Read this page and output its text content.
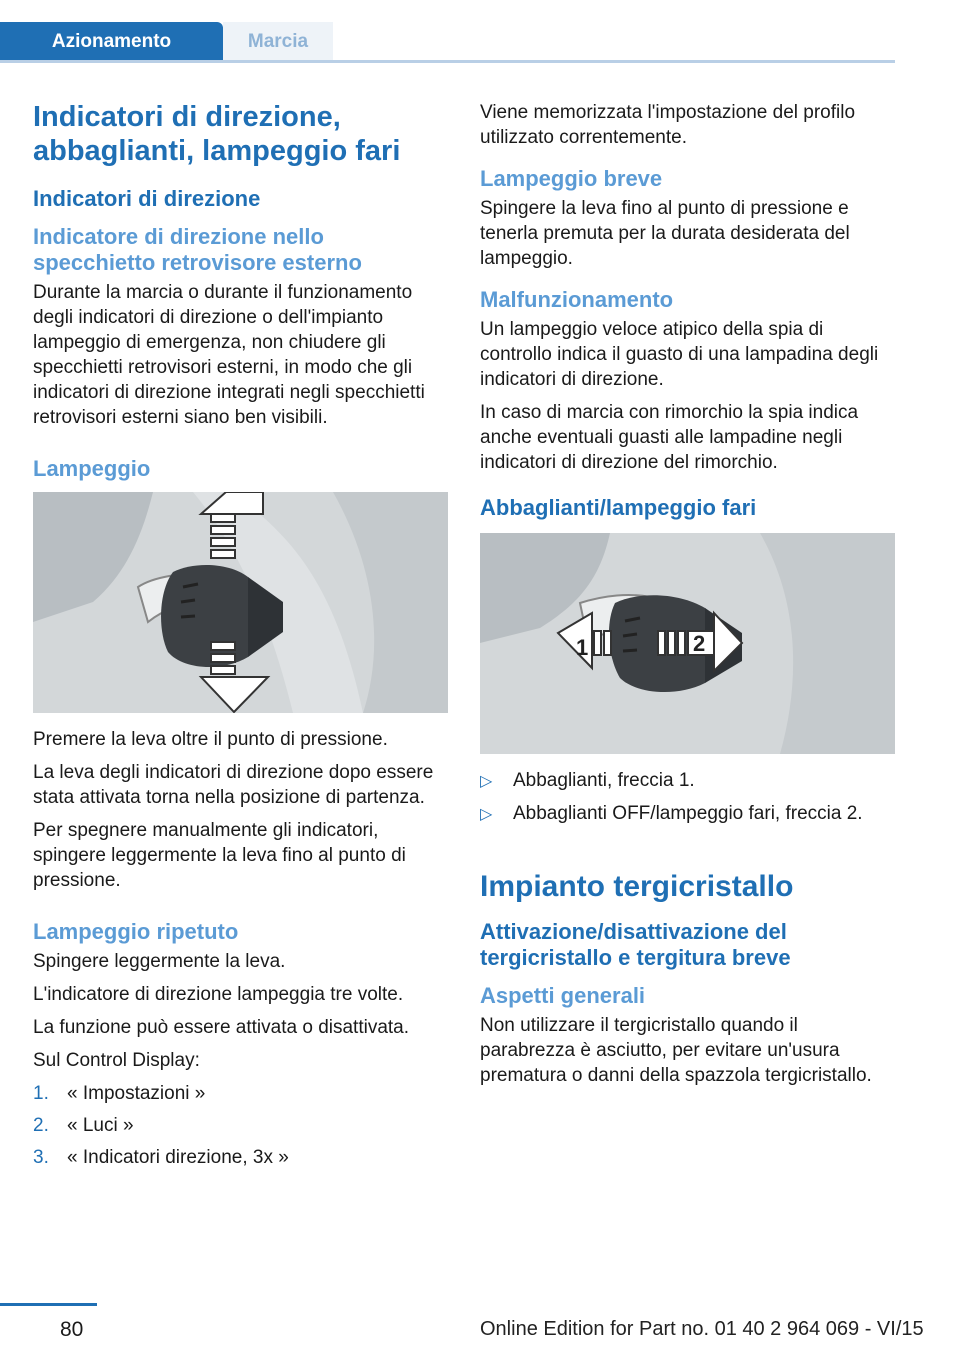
Azionamento	Marcia
Indicatori di direzione, abbaglianti, lampeggio fari
Indicatori di direzione
Indicatore di direzione nello specchietto retrovisore esterno
Durante la marcia o durante il funzionamento degli indicatori di direzione o dell'impianto lampeggio di emergenza, non chiudere gli specchietti retrovisori esterni, in modo che gli indicatori di direzione integrati negli specchietti retrovisori esterni siano ben visibili.
Lampeggio
Premere la leva oltre il punto di pressione.
La leva degli indicatori di direzione dopo essere stata attivata torna nella posizione di partenza.
Per spegnere manualmente gli indicatori, spingere leggermente la leva fino al punto di pressione.
Lampeggio ripetuto
Spingere leggermente la leva.
L'indicatore di direzione lampeggia tre volte.
La funzione può essere attivata o disattivata.
Sul Control Display:
1. « Impostazioni »
2. « Luci »
3. « Indicatori direzione, 3x »
Viene memorizzata l'impostazione del profilo utilizzato correntemente.
Lampeggio breve
Spingere la leva fino al punto di pressione e tenerla premuta per la durata desiderata del lampeggio.
Malfunzionamento
Un lampeggio veloce atipico della spia di controllo indica il guasto di una lampadina degli indicatori di direzione.
In caso di marcia con rimorchio la spia indica anche eventuali guasti alle lampadine negli indicatori di direzione del rimorchio.
Abbaglianti/lampeggio fari
1	2
▷	Abbaglianti, freccia 1.
▷	Abbaglianti OFF/lampeggio fari, freccia 2.
Impianto tergicristallo
Attivazione/disattivazione del tergicristallo e tergitura breve
Aspetti generali
Non utilizzare il tergicristallo quando il parabrezza è asciutto, per evitare un'usura prematura o danni della spazzola tergicristallo.
80	Online Edition for Part no. 01 40 2 964 069 - VI/15
